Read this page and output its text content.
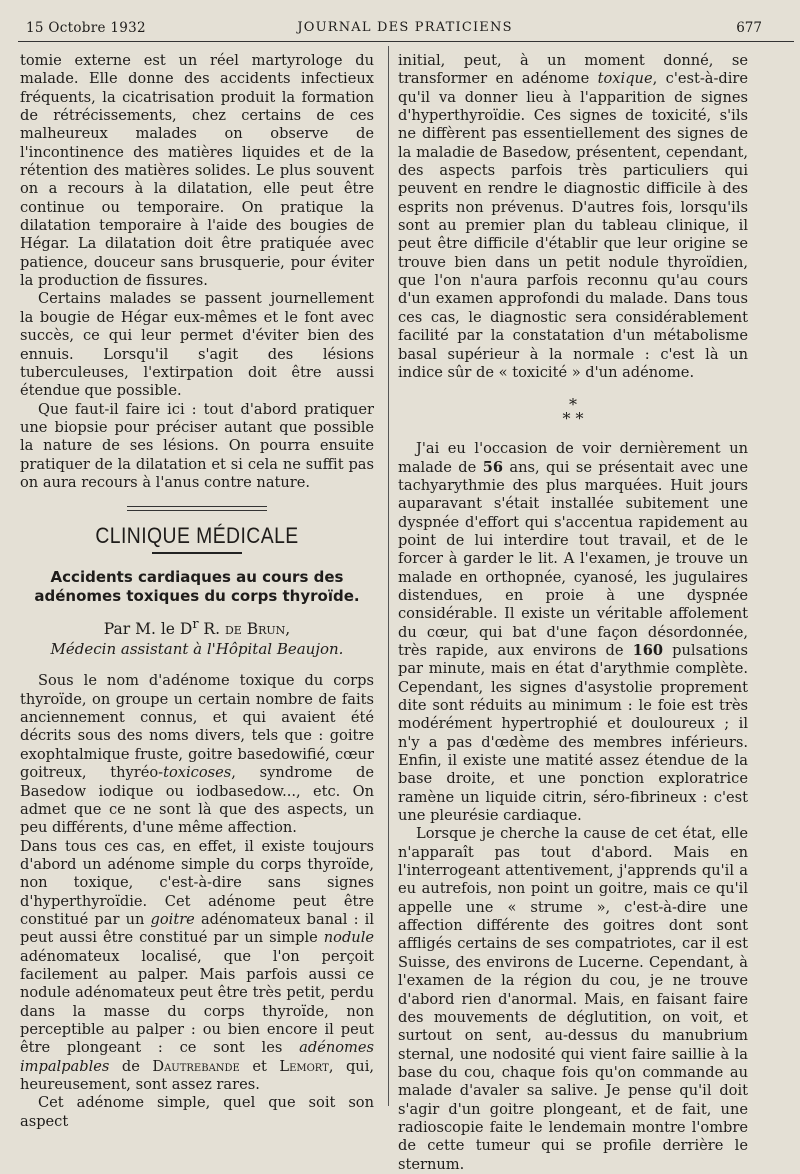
15 Octobre 1932	JOURNAL DES PRATICIENS	677

tomie externe est un réel martyrologe du malade. Elle donne des accidents infectieux fréquents, la cicatrisation produit la formation de rétrécissements, chez certains de ces malheureux malades on observe de l'incontinence des matières liquides et de la rétention des matières solides. Le plus souvent on a recours à la dilatation, elle peut être continue ou temporaire. On pratique la dilatation temporaire à l'aide des bougies de Hégar. La dilatation doit être pratiquée avec patience, douceur sans brusquerie, pour éviter la production de fissures.

Certains malades se passent journellement la bougie de Hégar eux-mêmes et le font avec succès, ce qui leur permet d'éviter bien des ennuis. Lorsqu'il s'agit des lésions tuberculeuses, l'extirpation doit être aussi étendue que possible.

Que faut-il faire ici : tout d'abord pratiquer une biopsie pour préciser autant que possible la nature de ses lésions. On pourra ensuite pratiquer de la dilatation et si cela ne suffit pas on aura recours à l'anus contre nature.

CLINIQUE MÉDICALE
Accidents cardiaques au cours des adénomes toxiques du corps thyroïde.
Par M. le $D^r$ R. de Brun,
Médecin assistant à l'Hôpital Beaujon.

Sous le nom d'adénome toxique du corps thyroïde, on groupe un certain nombre de faits anciennement connus, et qui avaient été décrits sous des noms divers, tels que : goitre exophtalmique fruste, goitre basedowifié, cœur goitreux, thyréo-toxicoses, syndrome de Basedow iodique ou iodbasedow..., etc. On admet que ce ne sont là que des aspects, un peu différents, d'une même affection.

Dans tous ces cas, en effet, il existe toujours d'abord un adénome simple du corps thyroïde, non toxique, c'est-à-dire sans signes d'hyperthyroïdie. Cet adénome peut être constitué par un goitre adénomateux banal : il peut aussi être constitué par un simple nodule adénomateux localisé, que l'on perçoit facilement au palper. Mais parfois aussi ce nodule adénomateux peut être très petit, perdu dans la masse du corps thyroïde, non perceptible au palper : ou bien encore il peut être plongeant : ce sont les adénomes impalpables de Dautrebande et Lemort, qui, heureusement, sont assez rares.

Cet adénome simple, quel que soit son aspect

initial, peut, à un moment donné, se transformer en adénome toxique, c'est-à-dire qu'il va donner lieu à l'apparition de signes d'hyperthyroïdie. Ces signes de toxicité, s'ils ne diffèrent pas essentiellement des signes de la maladie de Basedow, présentent, cependant, des aspects parfois très particuliers qui peuvent en rendre le diagnostic difficile à des esprits non prévenus. D'autres fois, lorsqu'ils sont au premier plan du tableau clinique, il peut être difficile d'établir que leur origine se trouve bien dans un petit nodule thyroïdien, que l'on n'aura parfois reconnu qu'au cours d'un examen approfondi du malade. Dans tous ces cas, le diagnostic sera considérablement facilité par la constatation d'un métabolisme basal supérieur à la normale : c'est là un indice sûr de « toxicité » d'un adénome.

*
* *

J'ai eu l'occasion de voir dernièrement un malade de 56 ans, qui se présentait avec une tachyarythmie des plus marquées. Huit jours auparavant s'était installée subitement une dyspnée d'effort qui s'accentua rapidement au point de lui interdire tout travail, et de le forcer à garder le lit. A l'examen, je trouve un malade en orthopnée, cyanosé, les jugulaires distendues, en proie à une dyspnée considérable. Il existe un véritable affolement du cœur, qui bat d'une façon désordonnée, très rapide, aux environs de 160 pulsations par minute, mais en état d'arythmie complète. Cependant, les signes d'asystolie proprement dite sont réduits au minimum : le foie est très modérément hypertrophié et douloureux ; il n'y a pas d'œdème des membres inférieurs. Enfin, il existe une matité assez étendue de la base droite, et une ponction exploratrice ramène un liquide citrin, séro-fibrineux : c'est une pleurésie cardiaque.

Lorsque je cherche la cause de cet état, elle n'apparaît pas tout d'abord. Mais en l'interrogeant attentivement, j'apprends qu'il a eu autrefois, non point un goitre, mais ce qu'il appelle une « strume », c'est-à-dire une affection différente des goitres dont sont affligés certains de ses compatriotes, car il est Suisse, des environs de Lucerne. Cependant, à l'examen de la région du cou, je ne trouve d'abord rien d'anormal. Mais, en faisant faire des mouvements de déglutition, on voit, et surtout on sent, au-dessus du manubrium sternal, une nodosité qui vient faire saillie à la base du cou, chaque fois qu'on commande au malade d'avaler sa salive. Je pense qu'il doit s'agir d'un goitre plongeant, et de fait, une radioscopie faite le lendemain montre l'ombre de cette tumeur qui se profile derrière le sternum.
